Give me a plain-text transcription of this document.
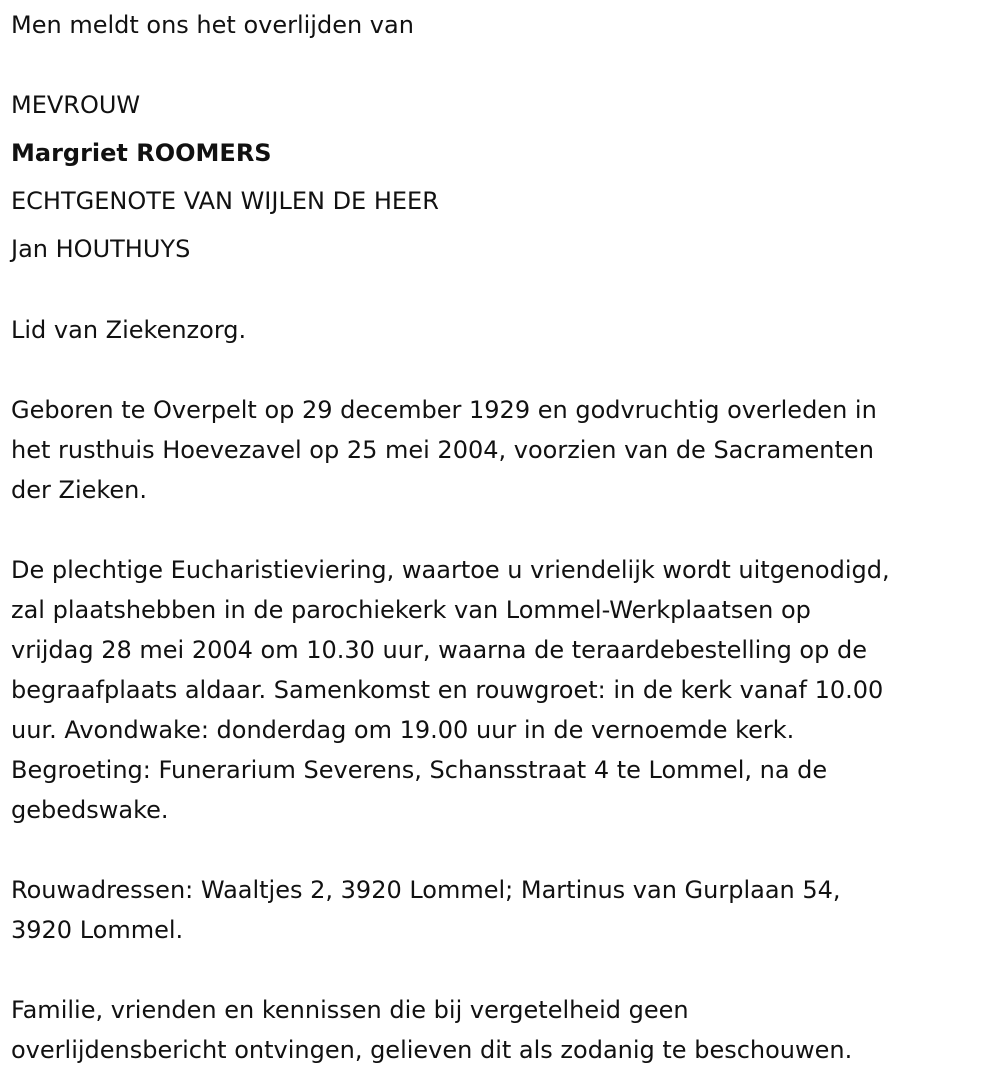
Men meldt ons het overlijden van
MEVROUW
Margriet ROOMERS
ECHTGENOTE VAN WIJLEN DE HEER
Jan HOUTHUYS
Lid van Ziekenzorg.
Geboren te Overpelt op 29 december 1929 en godvruchtig overleden in
het rusthuis Hoevezavel op 25 mei 2004, voorzien van de Sacramenten
der Zieken.
De plechtige Eucharistieviering, waartoe u vriendelijk wordt uitgenodigd,
zal plaatshebben in de parochiekerk van Lommel-Werkplaatsen op
vrijdag 28 mei 2004 om 10.30 uur, waarna de teraardebestelling op de
begraafplaats aldaar. Samenkomst en rouwgroet: in de kerk vanaf 10.00
uur. Avondwake: donderdag om 19.00 uur in de vernoemde kerk.
Begroeting: Funerarium Severens, Schansstraat 4 te Lommel, na de
gebedswake.
Rouwadressen: Waaltjes 2, 3920 Lommel; Martinus van Gurplaan 54,
3920 Lommel.
Familie, vrienden en kennissen die bij vergetelheid geen
overlijdensbericht ontvingen, gelieven dit als zodanig te beschouwen.
